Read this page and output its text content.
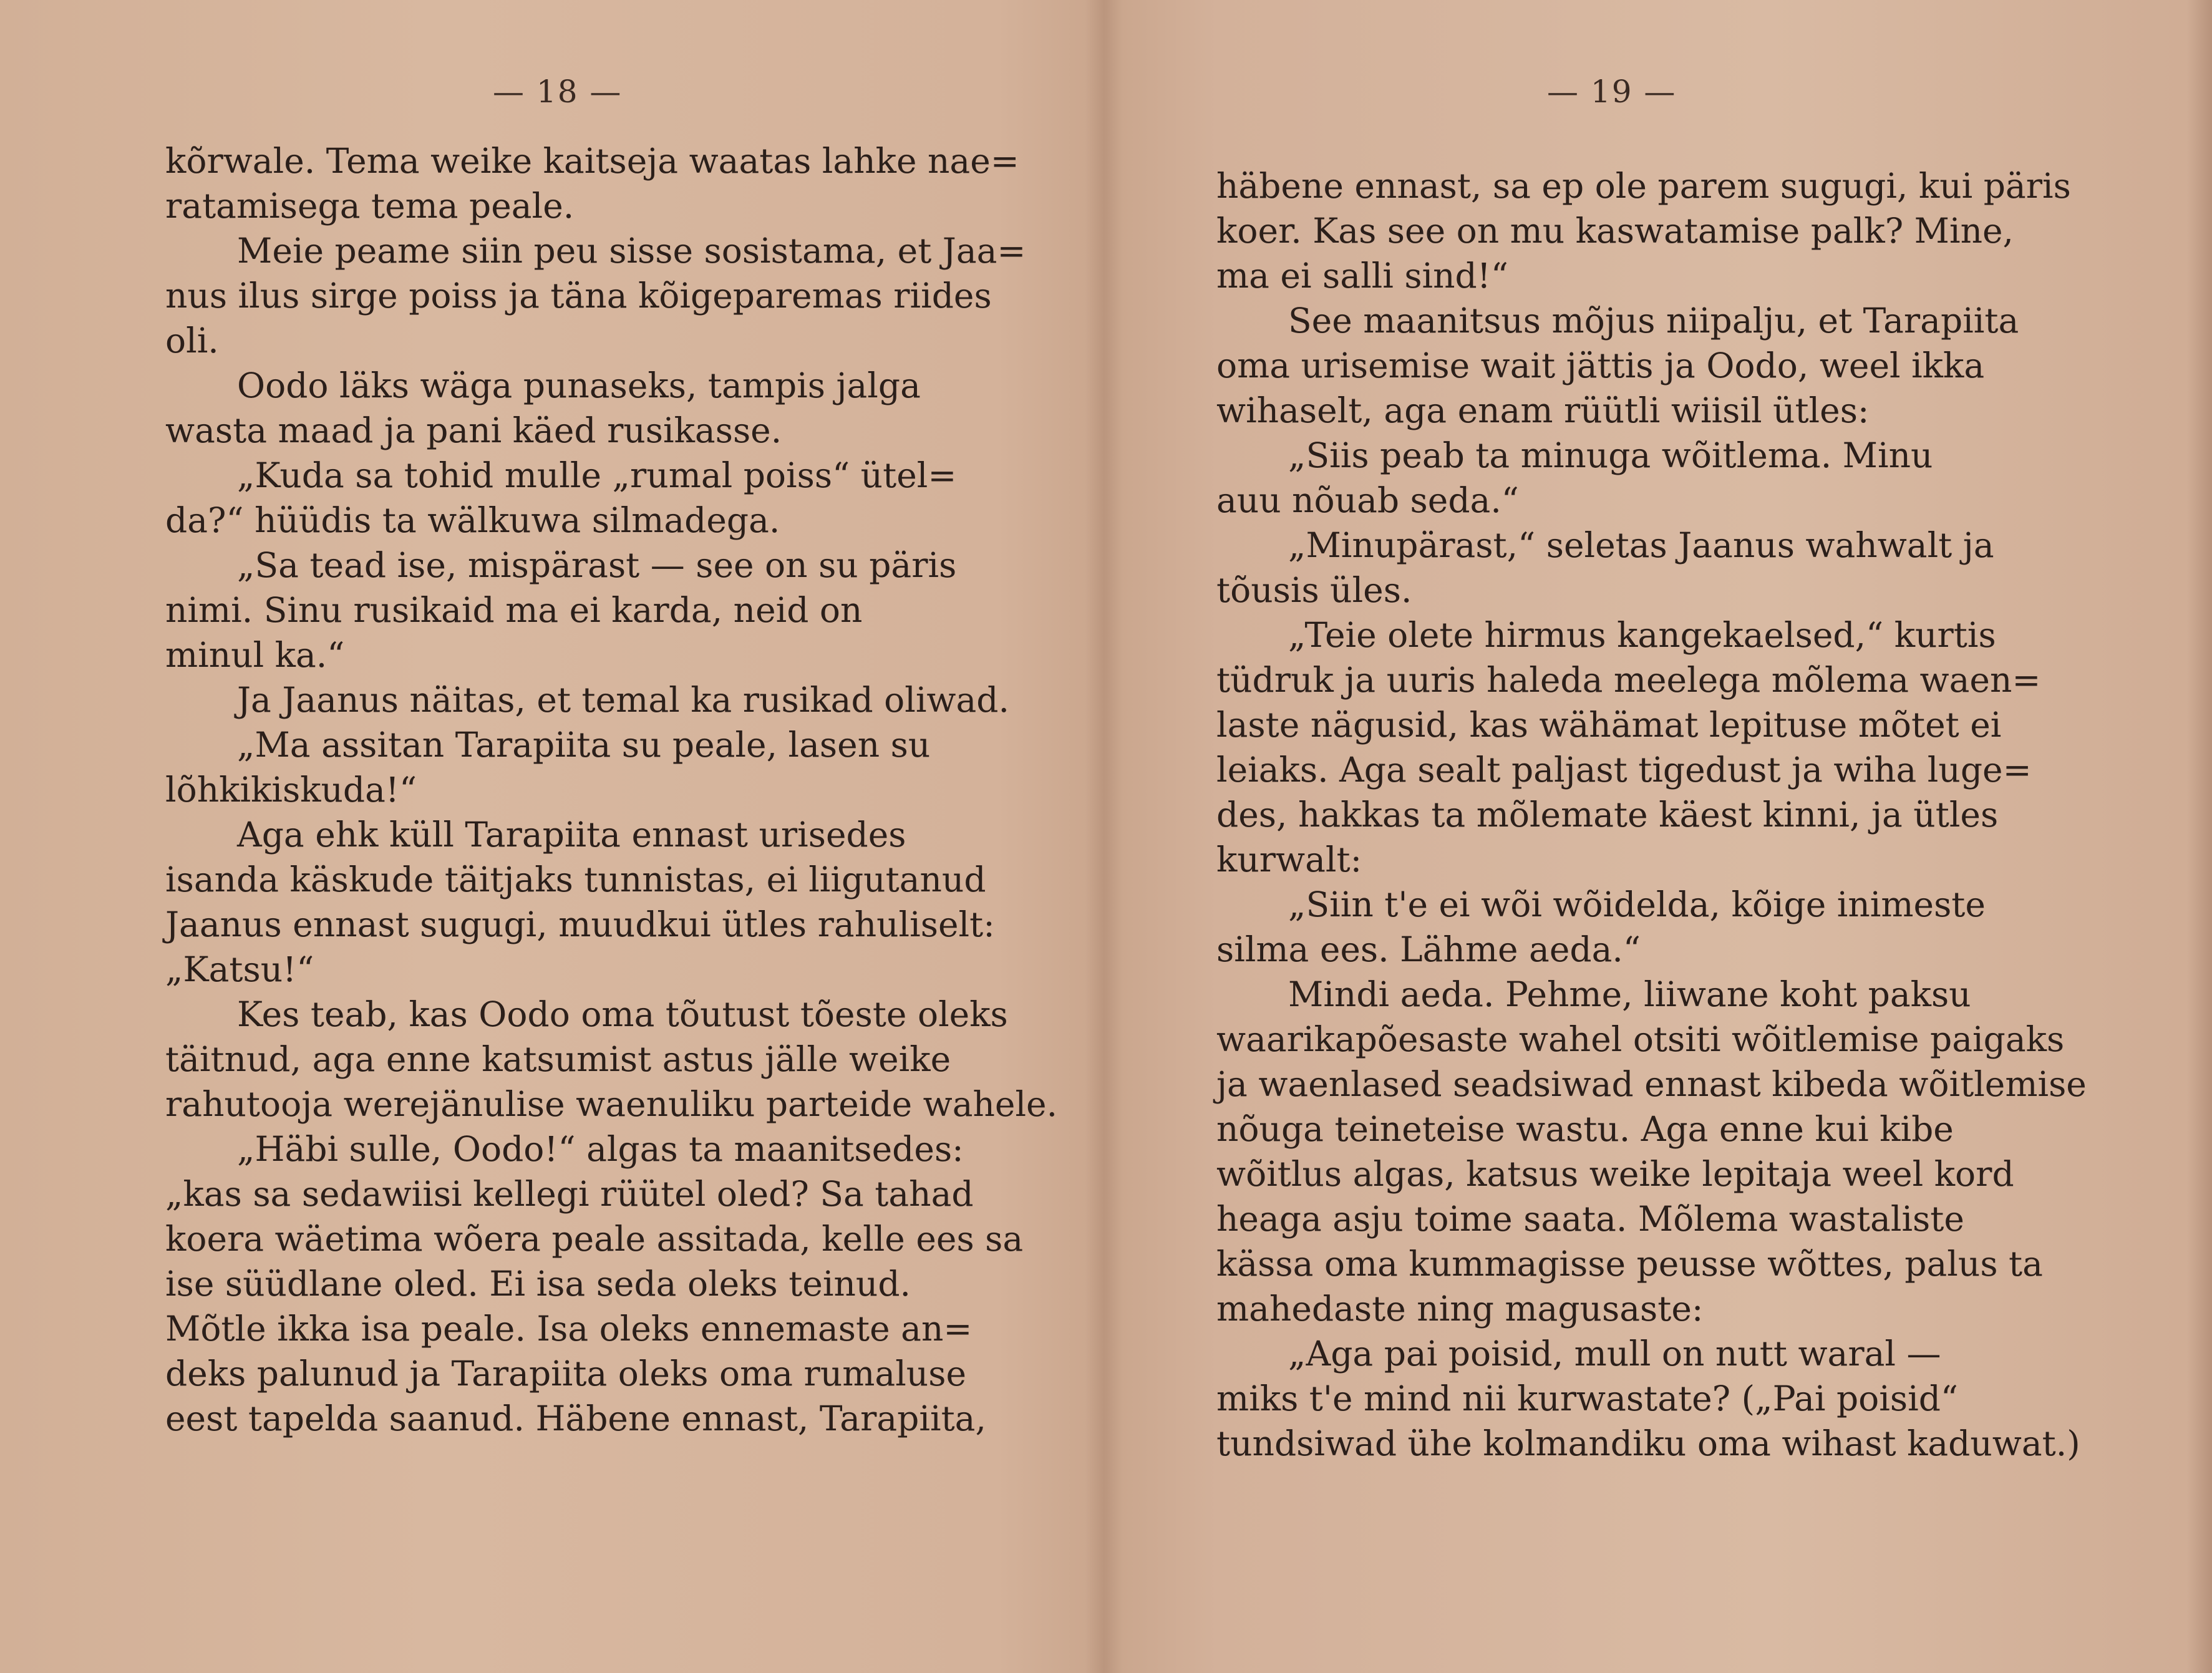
— 18 —
kõrwale. Tema weike kaitseja waatas lahke nae=
ratamisega tema peale.
Meie peame siin peu sisse sosistama, et Jaa=
nus ilus sirge poiss ja täna kõigeparemas riides
oli.
Oodo läks wäga punaseks, tampis jalga
wasta maad ja pani käed rusikasse.
„Kuda sa tohid mulle „rumal poiss“ ütel=
da?“ hüüdis ta wälkuwa silmadega.
„Sa tead ise, mispärast — see on su päris
nimi. Sinu rusikaid ma ei karda, neid on
minul ka.“
Ja Jaanus näitas, et temal ka rusikad oliwad.
„Ma assitan Tarapiita su peale, lasen su
lõhkikiskuda!“
Aga ehk küll Tarapiita ennast urisedes
isanda käskude täitjaks tunnistas, ei liigutanud
Jaanus ennast sugugi, muudkui ütles rahuliselt:
„Katsu!“
Kes teab, kas Oodo oma tõutust tõeste oleks
täitnud, aga enne katsumist astus jälle weike
rahutooja werejänulise waenuliku parteide wahele.
„Häbi sulle, Oodo!“ algas ta maanitsedes:
„kas sa sedawiisi kellegi rüütel oled? Sa tahad
koera wäetima wõera peale assitada, kelle ees sa
ise süüdlane oled. Ei isa seda oleks teinud.
Mõtle ikka isa peale. Isa oleks ennemaste an=
deks palunud ja Tarapiita oleks oma rumaluse
eest tapelda saanud. Häbene ennast, Tarapiita,
— 19 —
häbene ennast, sa ep ole parem sugugi, kui päris
koer. Kas see on mu kaswatamise palk? Mine,
ma ei salli sind!“
See maanitsus mõjus niipalju, et Tarapiita
oma urisemise wait jättis ja Oodo, weel ikka
wihaselt, aga enam rüütli wiisil ütles:
„Siis peab ta minuga wõitlema. Minu
auu nõuab seda.“
„Minupärast,“ seletas Jaanus wahwalt ja
tõusis üles.
„Teie olete hirmus kangekaelsed,“ kurtis
tüdruk ja uuris haleda meelega mõlema waen=
laste nägusid, kas wähämat lepituse mõtet ei
leiaks. Aga sealt paljast tigedust ja wiha luge=
des, hakkas ta mõlemate käest kinni, ja ütles
kurwalt:
„Siin t'e ei wõi wõidelda, kõige inimeste
silma ees. Lähme aeda.“
Mindi aeda. Pehme, liiwane koht paksu
waarikapõesaste wahel otsiti wõitlemise paigaks
ja waenlased seadsiwad ennast kibeda wõitlemise
nõuga teineteise wastu. Aga enne kui kibe
wõitlus algas, katsus weike lepitaja weel kord
heaga asju toime saata. Mõlema wastaliste
kässa oma kummagisse peusse wõttes, palus ta
mahedaste ning magusaste:
„Aga pai poisid, mull on nutt waral —
miks t'e mind nii kurwastate? („Pai poisid“
tundsiwad ühe kolmandiku oma wihast kaduwat.)
